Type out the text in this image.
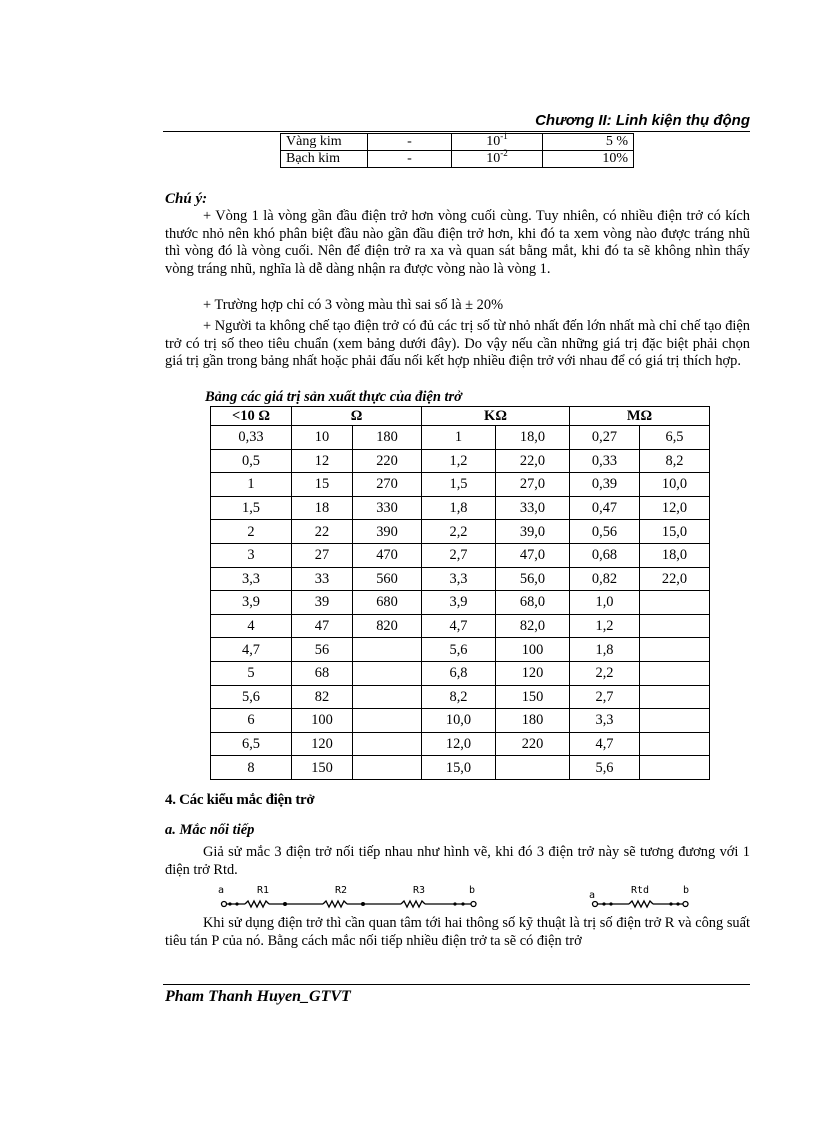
Chương II: Linh kiện thụ động
Vàng kim	-	$10^{-1}$	5 %
Bạch kim	-	$10^{-2}$	10%
Chú ý:
+ Vòng 1 là vòng gần đầu điện trở hơn vòng cuối cùng. Tuy nhiên, có nhiều điện trở có kích thước nhỏ nên khó phân biệt đầu nào gần đầu điện trở hơn, khi đó ta xem vòng nào được tráng nhũ thì vòng đó là vòng cuối. Nên để điện trở ra xa và quan sát bằng mắt, khi đó ta sẽ không nhìn thấy vòng tráng nhũ, nghĩa là dễ dàng nhận ra được vòng nào là vòng 1.
+ Trường hợp chỉ có 3 vòng màu thì sai số là ± 20%
+ Người ta không chế tạo điện trở có đủ các trị số từ nhỏ nhất đến lớn nhất mà chỉ chế tạo điện trở có trị số theo tiêu chuẩn (xem bảng dưới đây). Do vậy nếu cần những giá trị đặc biệt phải chọn giá trị gần trong bảng nhất hoặc phải đấu nối kết hợp nhiều điện trở với nhau để có giá trị thích hợp.
Bảng các giá trị sản xuất thực của điện trở
<10 Ω	Ω		KΩ		MΩ	
0,33	10	180	1	18,0	0,27	6,5
0,5	12	220	1,2	22,0	0,33	8,2
1	15	270	1,5	27,0	0,39	10,0
1,5	18	330	1,8	33,0	0,47	12,0
2	22	390	2,2	39,0	0,56	15,0
3	27	470	2,7	47,0	0,68	18,0
3,3	33	560	3,3	56,0	0,82	22,0
3,9	39	680	3,9	68,0	1,0	
4	47	820	4,7	82,0	1,2	
4,7	56		5,6	100	1,8	
5	68		6,8	120	2,2	
5,6	82		8,2	150	2,7	
6	100		10,0	180	3,3	
6,5	120		12,0	220	4,7	
8	150		15,0		5,6	
4. Các kiểu mắc điện trở
a. Mắc nối tiếp
Giả sử mắc 3 điện trở nối tiếp nhau như hình vẽ, khi đó 3 điện trở này sẽ tương đương với 1 điện trở Rtd.
a	R1	R2	R3	b	a	Rtd	b
Khi sử dụng điện trở thì cần quan tâm tới hai thông số kỹ thuật là trị số điện trở R và công suất tiêu tán P của nó. Bằng cách mắc nối tiếp nhiều điện trở ta sẽ có điện trở
Pham Thanh Huyen_GTVT
